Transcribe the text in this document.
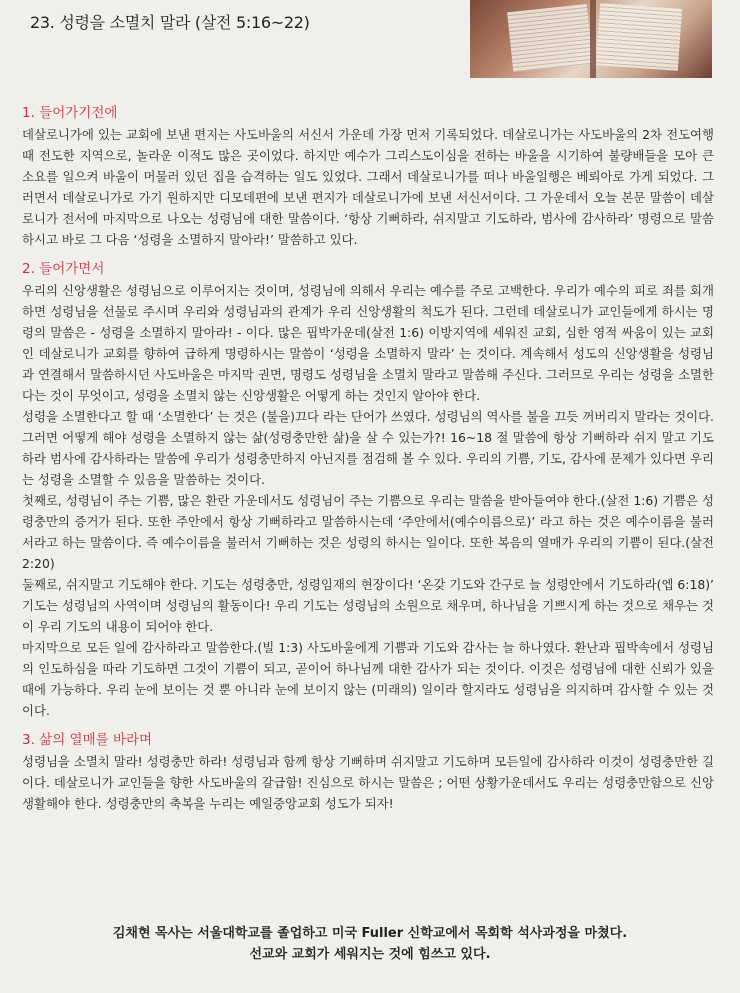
23. 성령을 소멸치 말라 (살전 5:16~22)
1. 들어가기전에

데살로니가에 있는 교회에 보낸 편지는 사도바울의 서신서 가운데 가장 먼저 기록되었다. 데살로니가는 사도바울의 2차 전도여행때 전도한 지역으로, 놀라운 이적도 많은 곳이었다. 하지만 예수가 그리스도이심을 전하는 바울을 시기하여 불량배들을 모아 큰 소요를 일으켜 바울이 머물러 있던 집을 습격하는 일도 있었다. 그래서 데살로니가를 떠나 바울일행은 베뢰아로 가게 되었다. 그러면서 데살로니가로 가기 원하지만 디모데편에 보낸 편지가 데살로니가에 보낸 서신서이다. 그 가운데서 오늘 본문 말씀이 데살로니가 전서에 마지막으로 나오는 성령님에 대한 말씀이다. ‘항상 기뻐하라, 쉬지말고 기도하라, 범사에 감사하라’ 명령으로 말씀하시고 바로 그 다음 ‘성령을 소멸하지 말아라!’ 말씀하고 있다.

2. 들어가면서

우리의 신앙생활은 성령님으로 이루어지는 것이며, 성령님에 의해서 우리는 예수를 주로 고백한다. 우리가 예수의 피로 죄를 회개하면 성령님을 선물로 주시며 우리와 성령님과의 관계가 우리 신앙생활의 척도가 된다. 그런데 데살로니가 교인들에게 하시는 명령의 말씀은 - 성령을 소멸하지 말아라! - 이다. 많은 핍박가운데(살전 1:6) 이방지역에 세워진 교회, 심한 영적 싸움이 있는 교회인 데살로니가 교회를 향하여 급하게 명령하시는 말씀이 ‘성령을 소멸하지 말라’ 는 것이다. 계속해서 성도의 신앙생활을 성령님과 연결해서 말씀하시던 사도바울은 마지막 권면, 명령도 성령님을 소멸치 말라고 말씀해 주신다. 그러므로 우리는 성령을 소멸한다는 것이 무엇이고, 성령을 소멸치 않는 신앙생활은 어떻게 하는 것인지 알아야 한다.

성령을 소멸한다고 할 때 ‘소멸한다’ 는 것은 (불을)끄다 라는 단어가 쓰였다. 성령님의 역사를 불을 끄듯 꺼버리지 말라는 것이다. 그러면 어떻게 해야 성령을 소멸하지 않는 삶(성령충만한 삶)을 살 수 있는가?! 16~18 절 말씀에 항상 기뻐하라 쉬지 말고 기도하라 범사에 감사하라는 말씀에 우리가 성령충만하지 아닌지를 점검해 볼 수 있다. 우리의 기쁨, 기도, 감사에 문제가 있다면 우리는 성령을 소멸할 수 있음을 말씀하는 것이다.

첫째로, 성령님이 주는 기쁨, 많은 환란 가운데서도 성령님이 주는 기쁨으로 우리는 말씀을 받아들여야 한다.(살전 1:6) 기쁨은 성령충만의 증거가 된다. 또한 주안에서 항상 기뻐하라고 말씀하시는데 ‘주안에서(예수이름으로)’ 라고 하는 것은 예수이름을 불러서라고 하는 말씀이다. 즉 예수이름을 불러서 기뻐하는 것은 성령의 하시는 일이다. 또한 복음의 열매가 우리의 기쁨이 된다.(살전 2:20)

둘째로, 쉬지말고 기도해야 한다. 기도는 성령충만, 성령임재의 현장이다! ‘온갖 기도와 간구로 늘 성령안에서 기도하라(엡 6:18)’ 기도는 성령님의 사역이며 성령님의 활동이다! 우리 기도는 성령님의 소원으로 채우며, 하나님을 기쁘시게 하는 것으로 채우는 것이 우리 기도의 내용이 되어야 한다.

마지막으로 모든 일에 감사하라고 말씀한다.(빌 1:3) 사도바울에게 기쁨과 기도와 감사는 늘 하나였다. 환난과 핍박속에서 성령님의 인도하심을 따라 기도하면 그것이 기쁨이 되고, 곧이어 하나님께 대한 감사가 되는 것이다. 이것은 성령님에 대한 신뢰가 있을 때에 가능하다. 우리 눈에 보이는 것 뿐 아니라 눈에 보이지 않는 (미래의) 일이라 할지라도 성령님을 의지하며 감사할 수 있는 것이다.

3. 삶의 열매를 바라며

성령님을 소멸치 말라! 성령충만 하라! 성령님과 함께 항상 기뻐하며 쉬지말고 기도하며 모든일에 감사하라 이것이 성령충만한 길이다. 데살로니가 교인들을 향한 사도바울의 갈급함! 진심으로 하시는 말씀은 ; 어떤 상황가운데서도 우리는 성령충만함으로 신앙생활해야 한다. 성령충만의 축복을 누리는 예일중앙교회 성도가 되자!

김채현 목사는 서울대학교를 졸업하고 미국 Fuller 신학교에서 목회학 석사과정을 마쳤다.
선교와 교회가 세워지는 것에 힘쓰고 있다.
